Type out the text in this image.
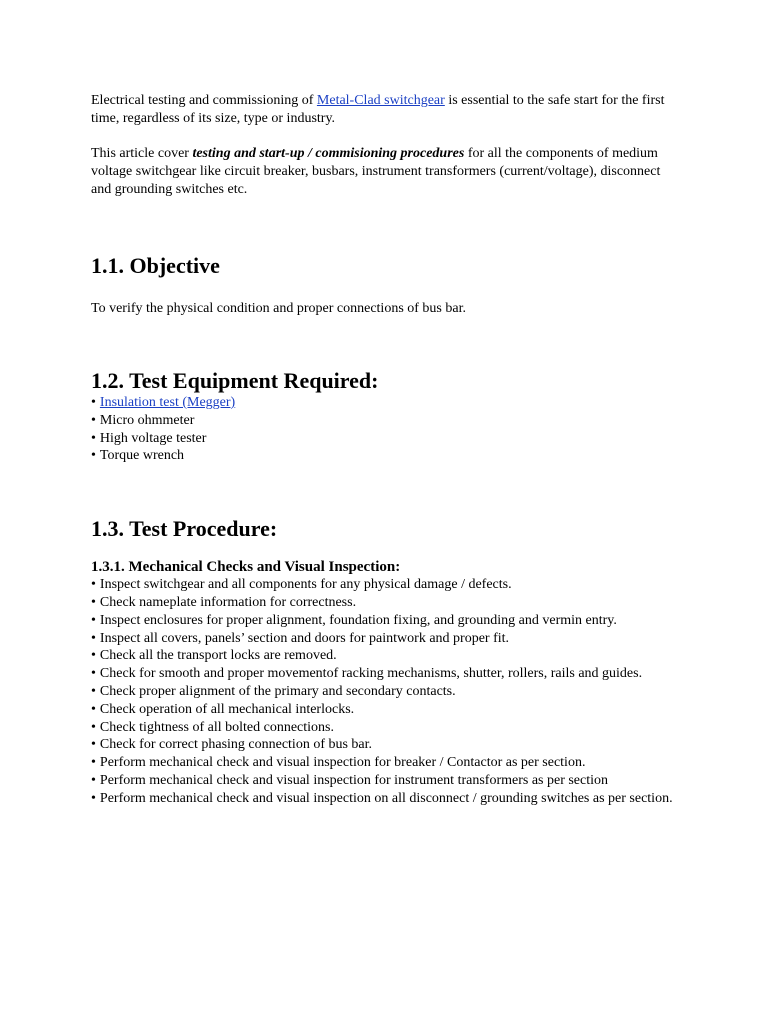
Electrical testing and commissioning of Metal-Clad switchgear is essential to the safe start for the first time, regardless of its size, type or industry.

This article cover testing and start-up / commisioning procedures for all the components of medium voltage switchgear like circuit breaker, busbars, instrument transformers (current/voltage), disconnect and grounding switches etc.

1.1. Objective

To verify the physical condition and proper connections of bus bar.

1.2. Test Equipment Required:
• Insulation test (Megger)
• Micro ohmmeter
• High voltage tester
• Torque wrench
1.3. Test Procedure:
1.3.1. Mechanical Checks and Visual Inspection:
• Inspect switchgear and all components for any physical damage / defects.
• Check nameplate information for correctness.
• Inspect enclosures for proper alignment, foundation fixing, and grounding and vermin entry.
• Inspect all covers, panels’ section and doors for paintwork and proper fit.
• Check all the transport locks are removed.
• Check for smooth and proper movementof racking mechanisms, shutter, rollers, rails and guides.
• Check proper alignment of the primary and secondary contacts.
• Check operation of all mechanical interlocks.
• Check tightness of all bolted connections.
• Check for correct phasing connection of bus bar.
• Perform mechanical check and visual inspection for breaker / Contactor as per section.
• Perform mechanical check and visual inspection for instrument transformers as per section
• Perform mechanical check and visual inspection on all disconnect / grounding switches as per section.
